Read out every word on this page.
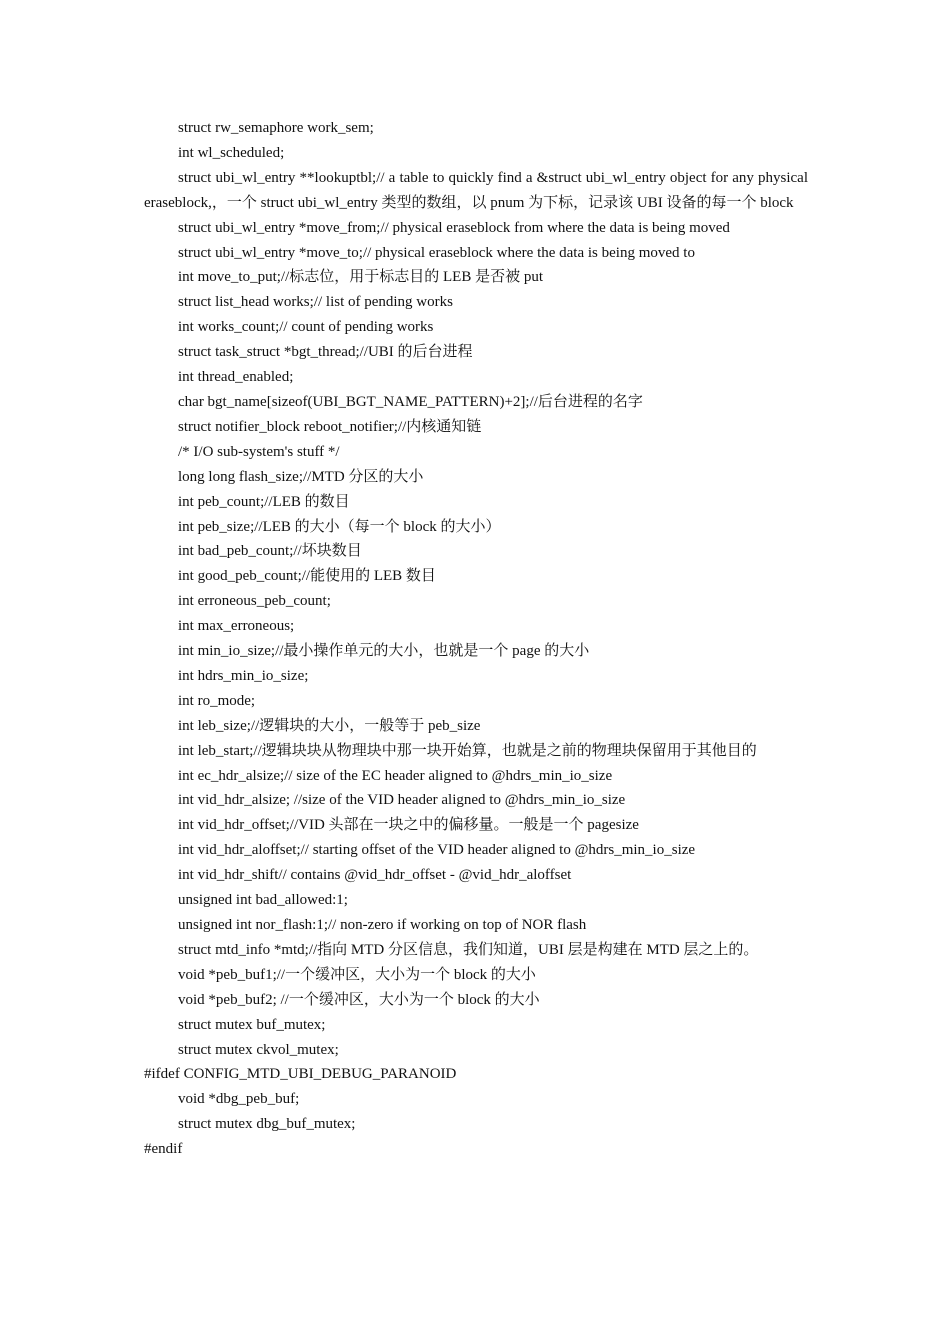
struct rw_semaphore work_sem;

int wl_scheduled;

struct ubi_wl_entry **lookuptbl;// a table to quickly find a &struct ubi_wl_entry object for any physical eraseblock,，一个 struct ubi_wl_entry 类型的数组，以 pnum 为下标，记录该 UBI 设备的每一个 block

struct ubi_wl_entry *move_from;// physical eraseblock from where the data is being moved

struct ubi_wl_entry *move_to;// physical eraseblock where the data is being moved to

int move_to_put;//标志位，用于标志目的 LEB 是否被 put

struct list_head works;// list of pending works

int works_count;// count of pending works

struct task_struct *bgt_thread;//UBI 的后台进程

int thread_enabled;

char bgt_name[sizeof(UBI_BGT_NAME_PATTERN)+2];//后台进程的名字

struct notifier_block reboot_notifier;//内核通知链

/* I/O sub-system's stuff */

long long flash_size;//MTD 分区的大小

int peb_count;//LEB 的数目

int peb_size;//LEB 的大小（每一个 block 的大小）

int bad_peb_count;//坏块数目

int good_peb_count;//能使用的 LEB 数目

int erroneous_peb_count;

int max_erroneous;

int min_io_size;//最小操作单元的大小，也就是一个 page 的大小

int hdrs_min_io_size;

int ro_mode;

int leb_size;//逻辑块的大小，一般等于 peb_size

int leb_start;//逻辑块块从物理块中那一块开始算，也就是之前的物理块保留用于其他目的

int ec_hdr_alsize;// size of the EC header aligned to @hdrs_min_io_size

int vid_hdr_alsize; //size of the VID header aligned to @hdrs_min_io_size

int vid_hdr_offset;//VID 头部在一块之中的偏移量。一般是一个 pagesize

int vid_hdr_aloffset;// starting offset of the VID header aligned to @hdrs_min_io_size

int vid_hdr_shift// contains @vid_hdr_offset - @vid_hdr_aloffset

unsigned int bad_allowed:1;

unsigned int nor_flash:1;// non-zero if working on top of NOR flash

struct mtd_info *mtd;//指向 MTD 分区信息，我们知道，UBI 层是构建在 MTD 层之上的。

void *peb_buf1;//一个缓冲区，大小为一个 block 的大小

void *peb_buf2; //一个缓冲区，大小为一个 block 的大小

struct mutex buf_mutex;

struct mutex ckvol_mutex;

#ifdef CONFIG_MTD_UBI_DEBUG_PARANOID

void *dbg_peb_buf;

struct mutex dbg_buf_mutex;

#endif
